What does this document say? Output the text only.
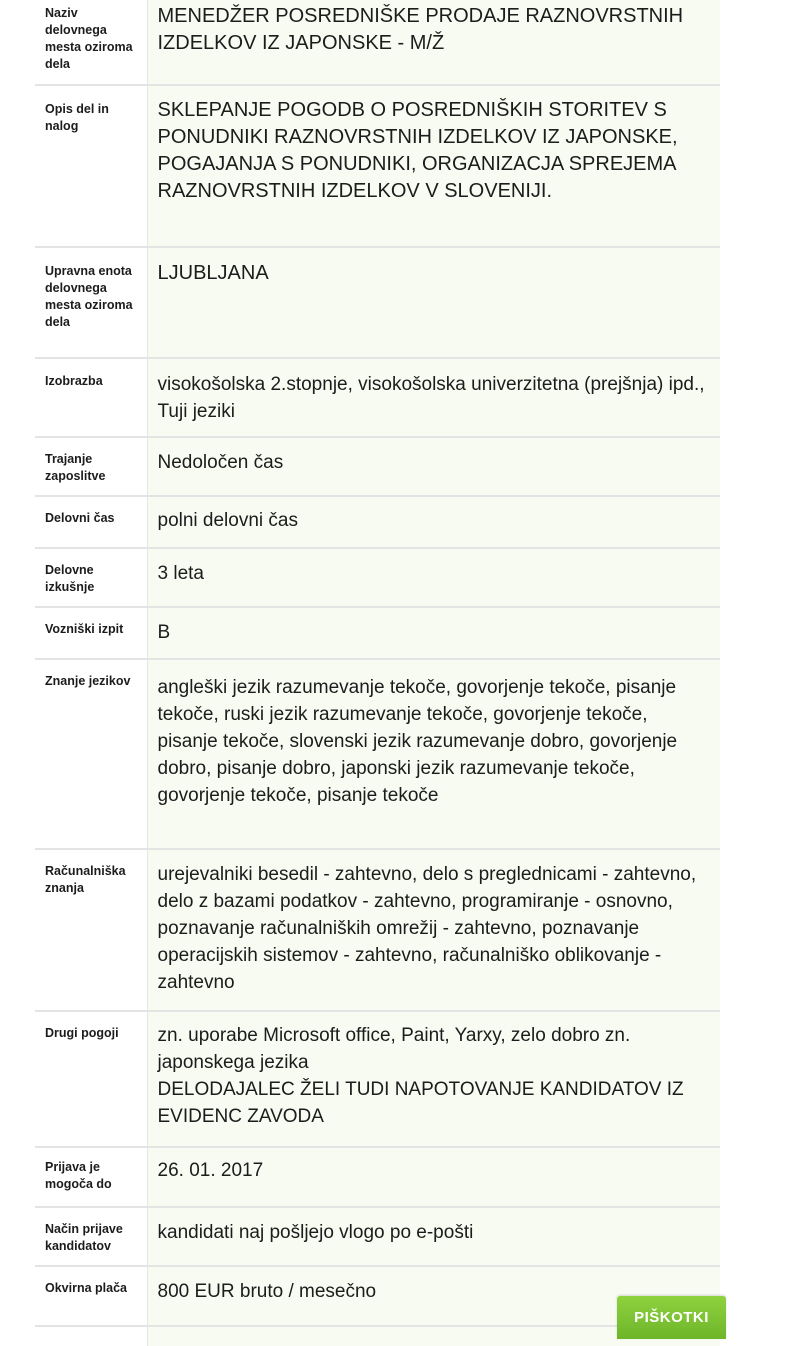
Naziv delovnega mesta oziroma dela	MENEDŽER POSREDNIŠKE PRODAJE RAZNOVRSTNIH IZDELKOV IZ JAPONSKE - M/Ž
Opis del in nalog	SKLEPANJE POGODB O POSREDNIŠKIH STORITEV S PONUDNIKI RAZNOVRSTNIH IZDELKOV IZ JAPONSKE, POGAJANJA S PONUDNIKI, ORGANIZACJA SPREJEMA RAZNOVRSTNIH IZDELKOV V SLOVENIJI.
Upravna enota delovnega mesta oziroma dela	LJUBLJANA
Izobrazba	visokošolska 2.stopnje, visokošolska univerzitetna (prejšnja) ipd., Tuji jeziki
Trajanje zaposlitve	Nedoločen čas
Delovni čas	polni delovni čas
Delovne izkušnje	3 leta
Vozniški izpit	B
Znanje jezikov	angleški jezik razumevanje tekoče, govorjenje tekoče, pisanje tekoče, ruski jezik razumevanje tekoče, govorjenje tekoče, pisanje tekoče, slovenski jezik razumevanje dobro, govorjenje dobro, pisanje dobro, japonski jezik razumevanje tekoče, govorjenje tekoče, pisanje tekoče
Računalniška znanja	urejevalniki besedil - zahtevno, delo s preglednicami - zahtevno, delo z bazami podatkov - zahtevno, programiranje - osnovno, poznavanje računalniških omrežij - zahtevno, poznavanje operacijskih sistemov - zahtevno, računalniško oblikovanje - zahtevno
Drugi pogoji	zn. uporabe Microsoft office, Paint, Yarxy, zelo dobro zn. japonskega jezika
DELODAJALEC ŽELI TUDI NAPOTOVANJE KANDIDATOV IZ EVIDENC ZAVODA
Prijava je mogoča do	26. 01. 2017
Način prijave kandidatov	kandidati naj pošljejo vlogo po e-pošti
Okvirna plača	800 EUR bruto / mesečno

PIŠKOTKI
